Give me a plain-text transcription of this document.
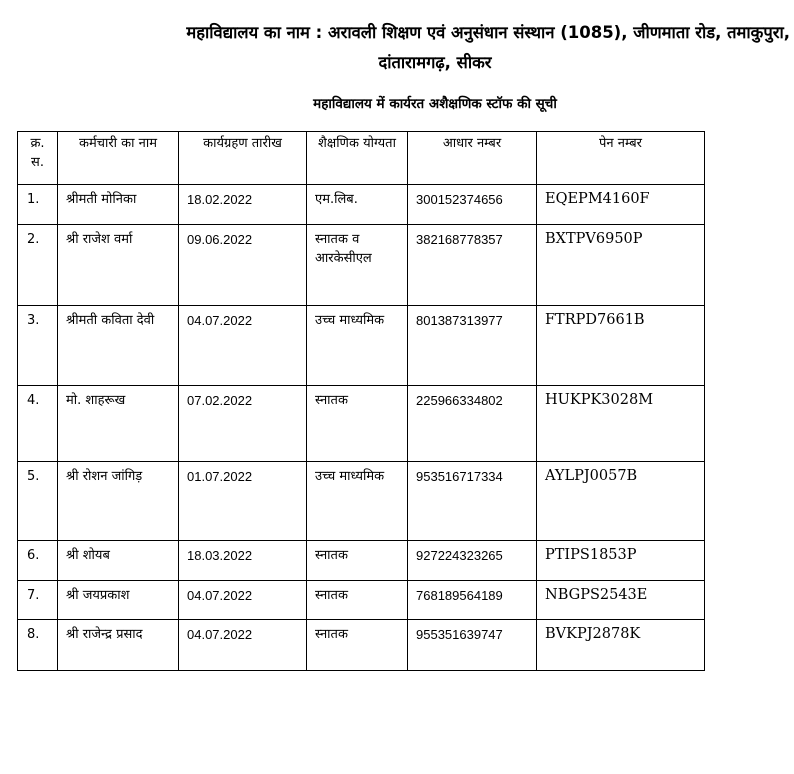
महाविद्यालय का नाम : अरावली शिक्षण एवं अनुसंधान संस्थान (1085), जीणमाता रोड, तमाकुपुरा,
दांतारामगढ़, सीकर
महाविद्यालय में कार्यरत अशैक्षणिक स्टॉफ की सूची
क्र. स.	कर्मचारी का नाम	कार्यग्रहण तारीख	शैक्षणिक योग्यता	आधार नम्बर	पेन नम्बर
1.	श्रीमती मोनिका	18.02.2022	एम.लिब.	300152374656	EQEPM4160F
2.	श्री राजेश वर्मा	09.06.2022	स्नातक व आरकेसीएल	382168778357	BXTPV6950P
3.	श्रीमती कविता देवी	04.07.2022	उच्च माध्यमिक	801387313977	FTRPD7661B
4.	मो. शाहरूख	07.02.2022	स्नातक	225966334802	HUKPK3028M
5.	श्री रोशन जांगिड़	01.07.2022	उच्च माध्यमिक	953516717334	AYLPJ0057B
6.	श्री शोयब	18.03.2022	स्नातक	927224323265	PTIPS1853P
7.	श्री जयप्रकाश	04.07.2022	स्नातक	768189564189	NBGPS2543E
8.	श्री राजेन्द्र प्रसाद	04.07.2022	स्नातक	955351639747	BVKPJ2878K
